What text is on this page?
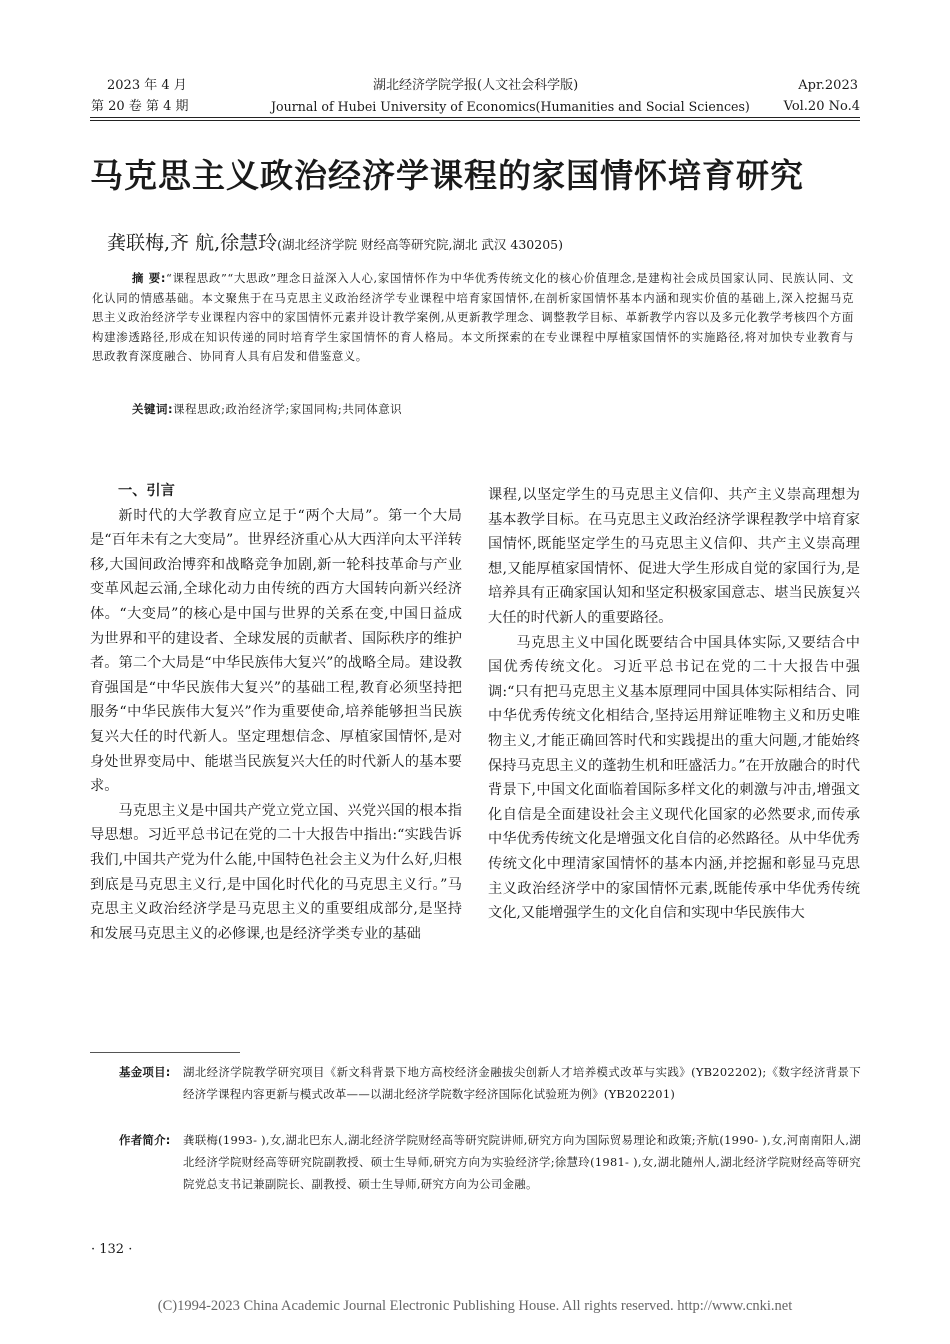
2023 年 4 月	湖北经济学院学报(人文社会科学版)	Apr.2023
第 20 卷 第 4 期	Journal of Hubei University of Economics(Humanities and Social Sciences)	Vol.20 No.4
马克思主义政治经济学课程的家国情怀培育研究
龚联梅,齐 航,徐慧玲(湖北经济学院 财经高等研究院,湖北 武汉 430205)
摘 要:“课程思政”“大思政”理念日益深入人心,家国情怀作为中华优秀传统文化的核心价值理念,是建构社会成员国家认同、民族认同、文化认同的情感基础。本文聚焦于在马克思主义政治经济学专业课程中培育家国情怀,在剖析家国情怀基本内涵和现实价值的基础上,深入挖掘马克思主义政治经济学专业课程内容中的家国情怀元素并设计教学案例,从更新教学理念、调整教学目标、革新教学内容以及多元化教学考核四个方面构建渗透路径,形成在知识传递的同时培育学生家国情怀的育人格局。本文所探索的在专业课程中厚植家国情怀的实施路径,将对加快专业教育与思政教育深度融合、协同育人具有启发和借鉴意义。
关键词:课程思政;政治经济学;家国同构;共同体意识
一、引言

新时代的大学教育应立足于“两个大局”。第一个大局是“百年未有之大变局”。世界经济重心从大西洋向太平洋转移,大国间政治博弈和战略竞争加剧,新一轮科技革命与产业变革风起云涌,全球化动力由传统的西方大国转向新兴经济体。“大变局”的核心是中国与世界的关系在变,中国日益成为世界和平的建设者、全球发展的贡献者、国际秩序的维护者。第二个大局是“中华民族伟大复兴”的战略全局。建设教育强国是“中华民族伟大复兴”的基础工程,教育必须坚持把服务“中华民族伟大复兴”作为重要使命,培养能够担当民族复兴大任的时代新人。坚定理想信念、厚植家国情怀,是对身处世界变局中、能堪当民族复兴大任的时代新人的基本要求。

马克思主义是中国共产党立党立国、兴党兴国的根本指导思想。习近平总书记在党的二十大报告中指出:“实践告诉我们,中国共产党为什么能,中国特色社会主义为什么好,归根到底是马克思主义行,是中国化时代化的马克思主义行。”马克思主义政治经济学是马克思主义的重要组成部分,是坚持和发展马克思主义的必修课,也是经济学类专业的基础

课程,以坚定学生的马克思主义信仰、共产主义崇高理想为基本教学目标。在马克思主义政治经济学课程教学中培育家国情怀,既能坚定学生的马克思主义信仰、共产主义崇高理想,又能厚植家国情怀、促进大学生形成自觉的家国行为,是培养具有正确家国认知和坚定积极家国意志、堪当民族复兴大任的时代新人的重要路径。

马克思主义中国化既要结合中国具体实际,又要结合中国优秀传统文化。习近平总书记在党的二十大报告中强调:“只有把马克思主义基本原理同中国具体实际相结合、同中华优秀传统文化相结合,坚持运用辩证唯物主义和历史唯物主义,才能正确回答时代和实践提出的重大问题,才能始终保持马克思主义的蓬勃生机和旺盛活力。”在开放融合的时代背景下,中国文化面临着国际多样文化的刺激与冲击,增强文化自信是全面建设社会主义现代化国家的必然要求,而传承中华优秀传统文化是增强文化自信的必然路径。从中华优秀传统文化中理清家国情怀的基本内涵,并挖掘和彰显马克思主义政治经济学中的家国情怀元素,既能传承中华优秀传统文化,又能增强学生的文化自信和实现中华民族伟大

基金项目: 湖北经济学院教学研究项目《新文科背景下地方高校经济金融拔尖创新人才培养模式改革与实践》(YB202202);《数字经济背景下经济学课程内容更新与模式改革——以湖北经济学院数字经济国际化试验班为例》(YB202201)
作者简介: 龚联梅(1993- ),女,湖北巴东人,湖北经济学院财经高等研究院讲师,研究方向为国际贸易理论和政策;齐航(1990- ),女,河南南阳人,湖北经济学院财经高等研究院副教授、硕士生导师,研究方向为实验经济学;徐慧玲(1981- ),女,湖北随州人,湖北经济学院财经高等研究院党总支书记兼副院长、副教授、硕士生导师,研究方向为公司金融。
· 132 ·
(C)1994-2023 China Academic Journal Electronic Publishing House. All rights reserved. http://www.cnki.net
